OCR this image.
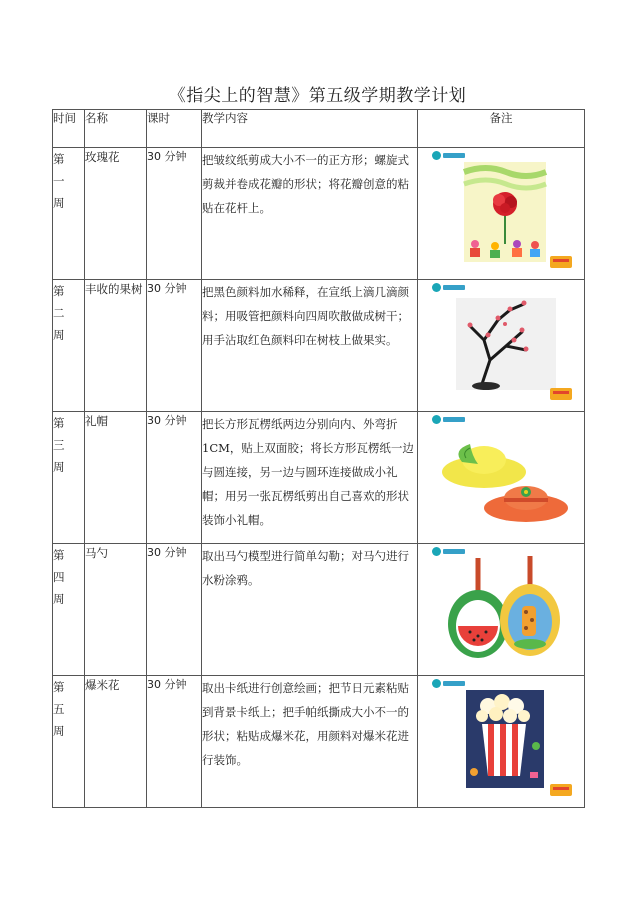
《指尖上的智慧》第五级学期教学计划
时间	名称	课时	教学内容	备注

第
一
周	玫瑰花	30 分钟	把皱纹纸剪成大小不一的正方形；螺旋式剪裁并卷成花瓣的形状；将花瓣创意的粘贴在花杆上。	

第
二
周	丰收的果树	30 分钟	把黑色颜料加水稀释，在宣纸上滴几滴颜料；用吸管把颜料向四周吹散做成树干；用手沾取红色颜料印在树枝上做果实。	

第
三
周	礼帽	30 分钟	把长方形瓦楞纸两边分别向内、外弯折 1CM，贴上双面胶；将长方形瓦楞纸一边与圆连接，另一边与圆环连接做成小礼帽；用另一张瓦楞纸剪出自己喜欢的形状装饰小礼帽。	

第
四
周	马勺	30 分钟	取出马勺模型进行简单勾勒；对马勺进行水粉涂鸦。	

第
五
周	爆米花	30 分钟	取出卡纸进行创意绘画；把节日元素粘贴到背景卡纸上；把手帕纸撕成大小不一的形状；粘贴成爆米花，用颜料对爆米花进行装饰。	
